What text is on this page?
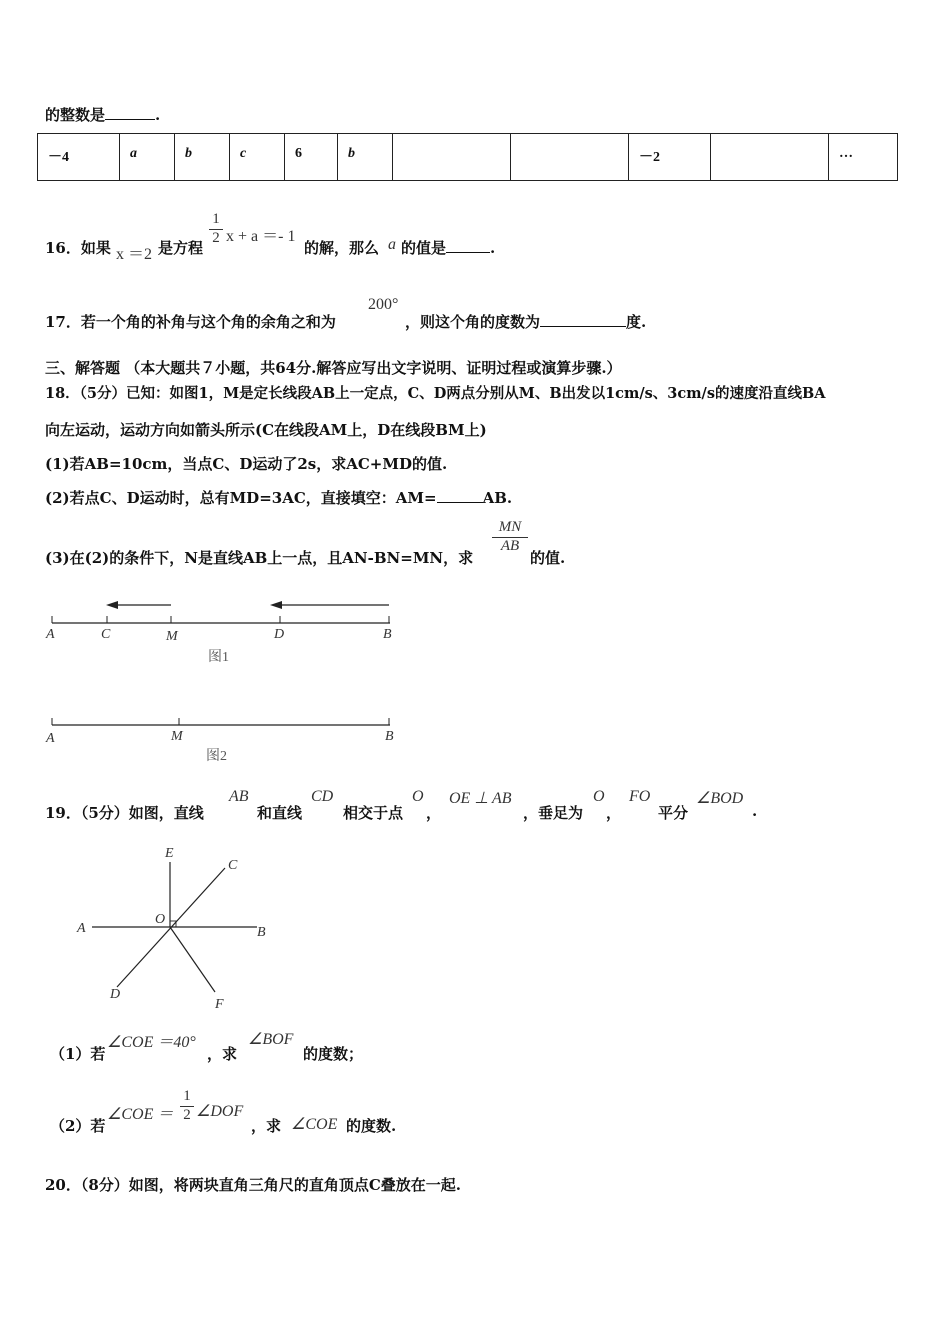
的整数是	.
－4	a	b	c	6	b			－2		…
16．如果 x ＝2 是方程
$\frac{1}{2}$ x + a ＝- 1
的解，那么 a 的值是	.
17．若一个角的补角与这个角的余角之和为
200°
，则这个角的度数为	度.
三、解答题 （本大题共７小题，共64分.解答应写出文字说明、证明过程或演算步骤.）
18．（5分）已知：如图1，M是定长线段AB上一定点，C、D两点分别从M、B出发以1cm/s、3cm/s的速度沿直线BA
向左运动，运动方向如箭头所示(C在线段AM上，D在线段BM上)
(1)若AB=10cm，当点C、D运动了2s，求AC+MD的值.
(2)若点C、D运动时，总有MD=3AC，直接填空：AM=	AB.
(3)在(2)的条件下，N是直线AB上一点，且AN-BN=MN，求
$\frac{MN}{AB}$
的值.
A	C	M	D	B
图1
A	M	B
图2
19．（5分）如图，直线
AB
和直线
CD
相交于点
O
，
OE ⊥ AB
，垂足为
O
，
FO
平分
∠BOD
.
E
C
O
A	B
D
F
（1）若
∠COE ＝40°
，求
∠BOF
的度数；
（2）若
∠COE ＝ $\frac{1}{2}$ ∠DOF
，求 ∠COE 的度数.
20．（8分）如图，将两块直角三角尺的直角顶点C叠放在一起.
